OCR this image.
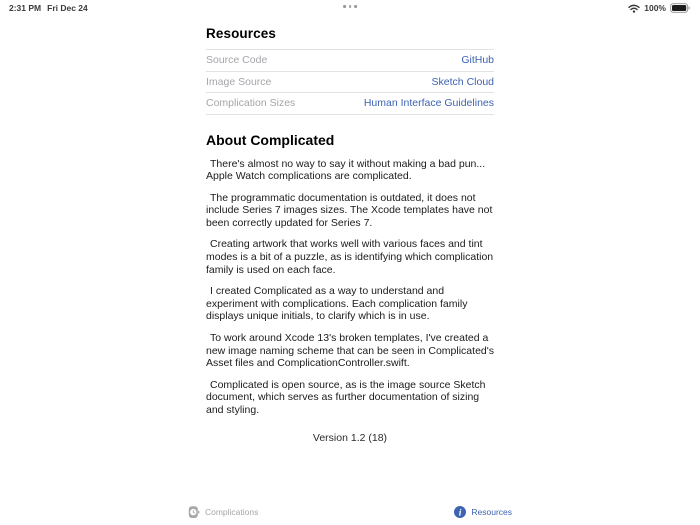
2:31 PM Fri Dec 24	100%
Resources
Source Code	GitHub
Image Source	Sketch Cloud
Complication Sizes	Human Interface Guidelines
About Complicated

There's almost no way to say it without making a bad pun... Apple Watch complications are complicated.

The programmatic documentation is outdated, it does not include Series 7 images sizes. The Xcode templates have not been correctly updated for Series 7.

Creating artwork that works well with various faces and tint modes is a bit of a puzzle, as is identifying which complication family is used on each face.

I created Complicated as a way to understand and experiment with complications. Each complication family displays unique initials, to clarify which is in use.

To work around Xcode 13's broken templates, I've created a new image naming scheme that can be seen in Complicated's Asset files and ComplicationController.swift.

Complicated is open source, as is the image source Sketch document, which serves as further documentation of sizing and styling.

Version 1.2 (18)
Complications	i Resources
